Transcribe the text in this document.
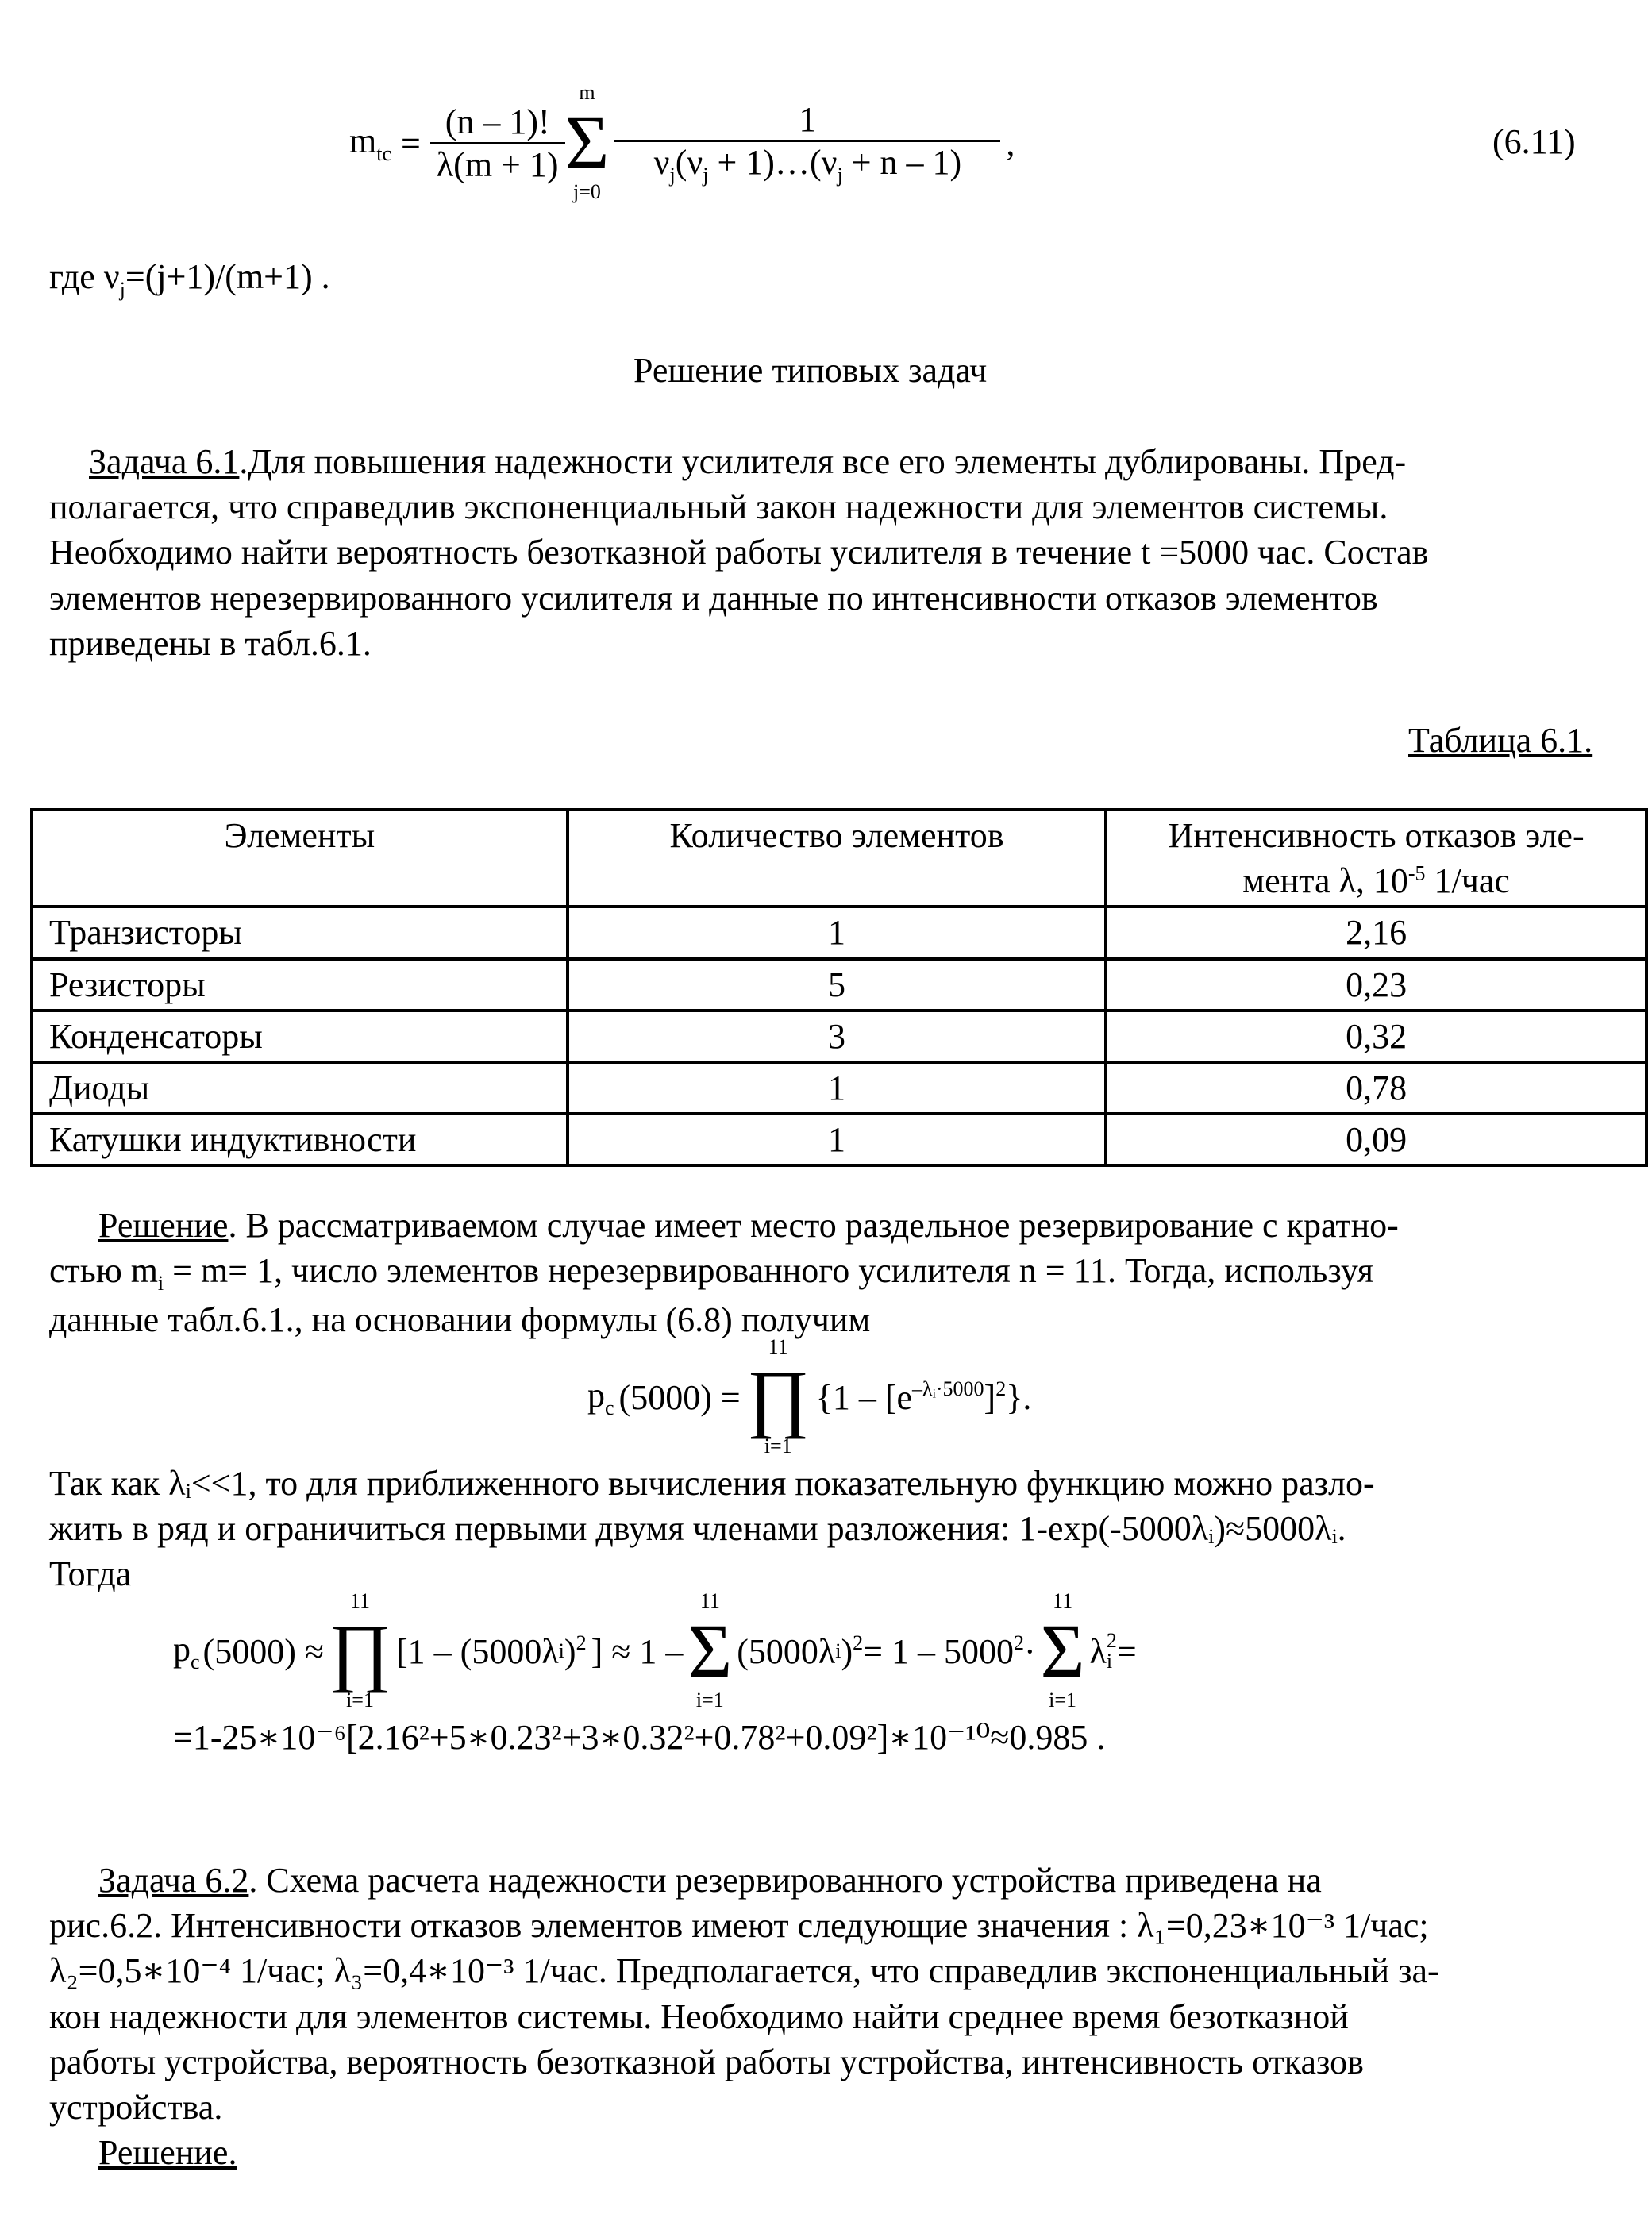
$m_{tc} = \frac{(n - 1)!}{\lambda(m + 1)}$
m
Σ
j=0
$\frac{1}{\nu_j(\nu_j + 1)\dots(\nu_j + n - 1)}$ ,	(6.11)
где $\nu_j=(j+1)/(m+1)$ .
Решение типовых задач

Задача 6.1.Для повышения надежности усилителя все его элементы дублированы. Пред-

полагается, что справедлив экспоненциальный закон надежности для элементов системы.

Необходимо найти вероятность безотказной работы усилителя в течение t =5000 час. Состав

элементов нерезервированного усилителя и данные по интенсивности отказов элементов

приведены в табл.6.1.

Таблица 6.1.
Элементы	Количество элементов	Интенсивность отказов эле-
мента λ, $10^{-5}$ 1/час
Транзисторы	1	2,16
Резисторы	5	0,23
Конденсаторы	3	0,32
Диоды	1	0,78
Катушки индуктивности	1	0,09

Решение. В рассматриваемом случае имеет место раздельное резервирование с кратно-

стью $m_i = m= 1$, число элементов нерезервированного усилителя n = 11. Тогда, используя

данные табл.6.1., на основании формулы (6.8) получим

$p_c$ (5000) =
11
∏
i=1
{$1 - [e^{-\lambda ᵢ\cdot 5000}$ ]$^2$ }.

Так как λᵢ<<1, то для приближенного вычисления показательную функцию можно разло-

жить в ряд и ограничиться первыми двумя членами разложения: 1-exp(-5000λᵢ)≈5000λᵢ.

Тогда

$p_c$ (5000) ≈
11
∏
i=1
[1 – (5000λ i )$^2$ ] ≈ 1 –
11
Σ
i=1
(5000λ i )$^2 = 1 - 5000^2$ ·
11
Σ
i=1
λ 2
i =
=1-25∗10⁻⁶[2.16²+5∗0.23²+3∗0.32²+0.78²+0.09²]∗10⁻¹⁰≈0.985 .

Задача 6.2. Схема расчета надежности резервированного устройства приведена на

рис.6.2. Интенсивности отказов элементов имеют следующие значения : λ₁=0,23∗10⁻³ 1/час;

λ₂=0,5∗10⁻⁴ 1/час; λ₃=0,4∗10⁻³ 1/час. Предполагается, что справедлив экспоненциальный за-

кон надежности для элементов системы. Необходимо найти среднее время безотказной

работы устройства, вероятность безотказной работы устройства, интенсивность отказов

устройства.

Решение.
